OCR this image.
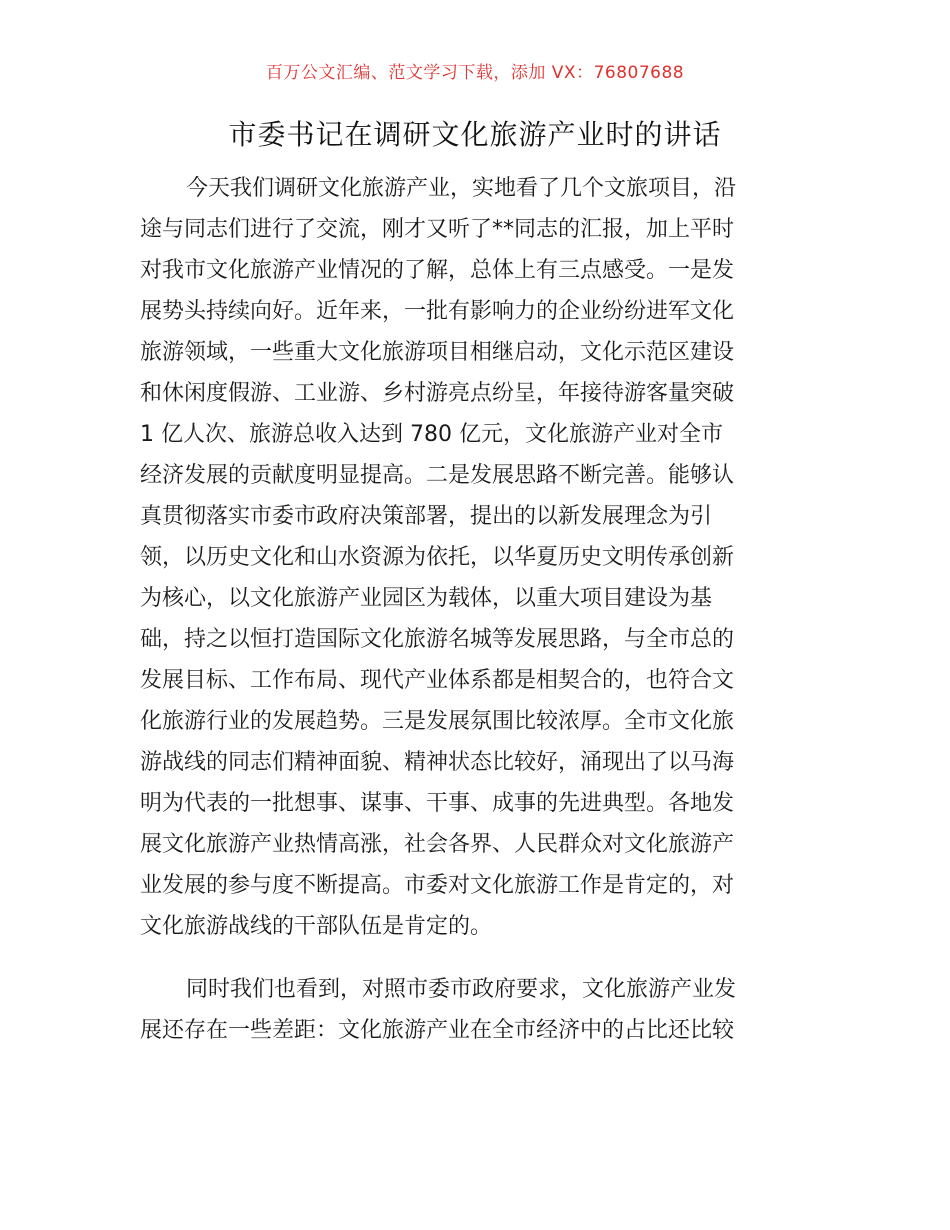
百万公文汇编、范文学习下载，添加 VX：76807688
市委书记在调研文化旅游产业时的讲话
今天我们调研文化旅游产业，实地看了几个文旅项目，沿
途与同志们进行了交流，刚才又听了**同志的汇报，加上平时
对我市文化旅游产业情况的了解，总体上有三点感受。一是发
展势头持续向好。近年来，一批有影响力的企业纷纷进军文化
旅游领域，一些重大文化旅游项目相继启动，文化示范区建设
和休闲度假游、工业游、乡村游亮点纷呈，年接待游客量突破
1 亿人次、旅游总收入达到 780 亿元，文化旅游产业对全市
经济发展的贡献度明显提高。二是发展思路不断完善。能够认
真贯彻落实市委市政府决策部署，提出的以新发展理念为引
领，以历史文化和山水资源为依托，以华夏历史文明传承创新
为核心，以文化旅游产业园区为载体，以重大项目建设为基
础，持之以恒打造国际文化旅游名城等发展思路，与全市总的
发展目标、工作布局、现代产业体系都是相契合的，也符合文
化旅游行业的发展趋势。三是发展氛围比较浓厚。全市文化旅
游战线的同志们精神面貌、精神状态比较好，涌现出了以马海
明为代表的一批想事、谋事、干事、成事的先进典型。各地发
展文化旅游产业热情高涨，社会各界、人民群众对文化旅游产
业发展的参与度不断提高。市委对文化旅游工作是肯定的，对
文化旅游战线的干部队伍是肯定的。
同时我们也看到，对照市委市政府要求，文化旅游产业发
展还存在一些差距：文化旅游产业在全市经济中的占比还比较
